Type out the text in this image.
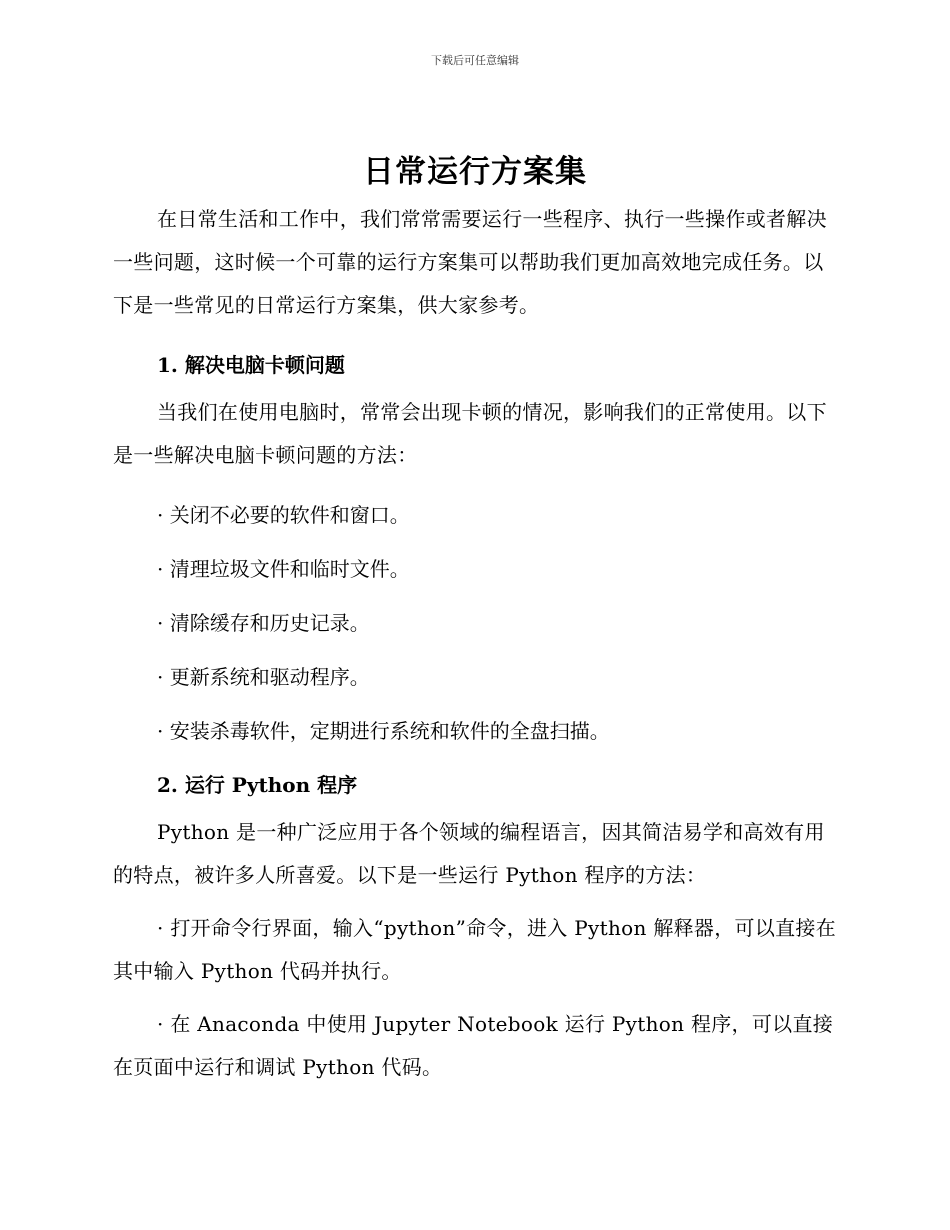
下载后可任意编辑
日常运行方案集

在日常生活和工作中，我们常常需要运行一些程序、执行一些操作或者解决一些问题，这时候一个可靠的运行方案集可以帮助我们更加高效地完成任务。以下是一些常见的日常运行方案集，供大家参考。

1. 解决电脑卡顿问题

当我们在使用电脑时，常常会出现卡顿的情况，影响我们的正常使用。以下是一些解决电脑卡顿问题的方法：

· 关闭不必要的软件和窗口。

· 清理垃圾文件和临时文件。

· 清除缓存和历史记录。

· 更新系统和驱动程序。

· 安装杀毒软件，定期进行系统和软件的全盘扫描。

2. 运行 Python 程序

Python 是一种广泛应用于各个领域的编程语言，因其简洁易学和高效有用的特点，被许多人所喜爱。以下是一些运行 Python 程序的方法：

· 打开命令行界面，输入“python”命令，进入 Python 解释器，可以直接在其中输入 Python 代码并执行。

· 在 Anaconda 中使用 Jupyter Notebook 运行 Python 程序，可以直接在页面中运行和调试 Python 代码。
